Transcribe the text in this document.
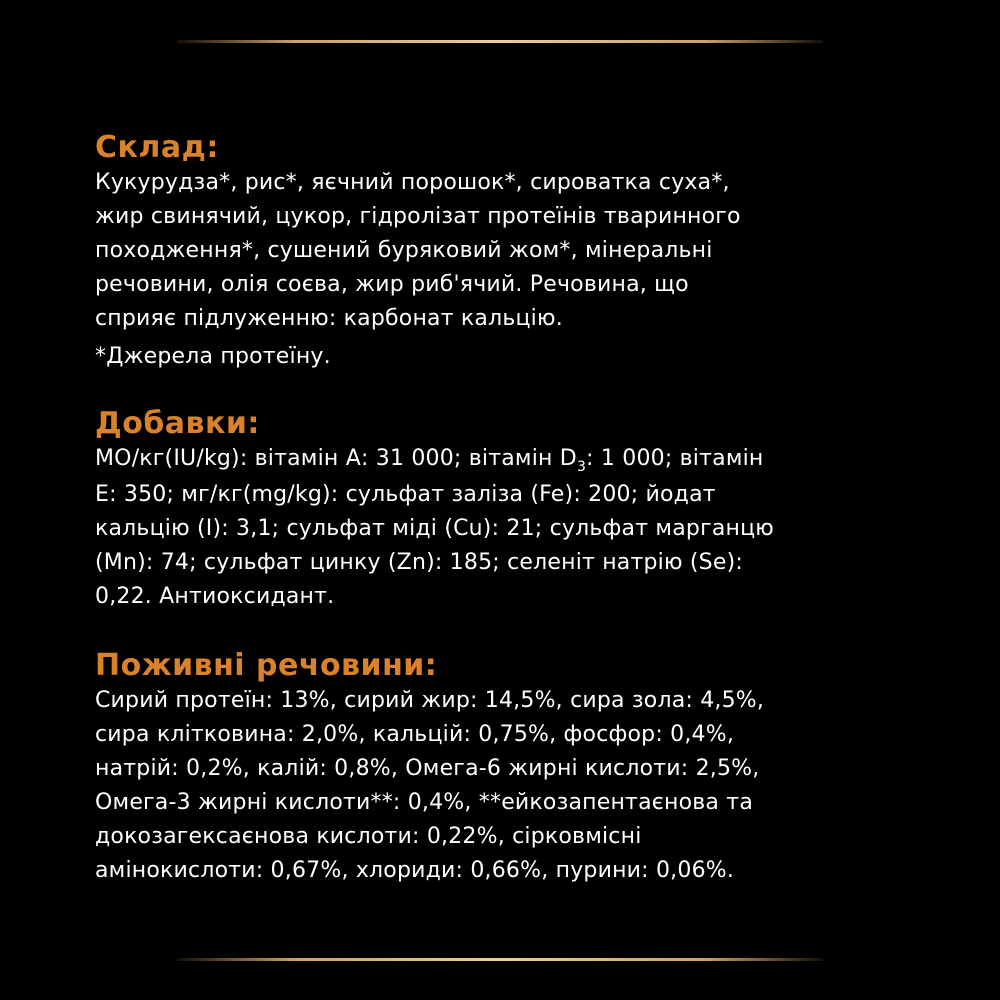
Склад:
Кукурудза*, рис*, яєчний порошок*, сироватка суха*,
жир свинячий, цукор, гідролізат протеїнів тваринного
походження*, сушений буряковий жом*, мінеральні
речовини, олія соєва, жир риб'ячий. Речовина, що
сприяє підлуженню: карбонат кальцію.
*Джерела протеїну.
Добавки:
МО/кг(IU/kg): вітамін А: 31 000; вітамін $D_3$: 1 000; вітамін
Е: 350; мг/кг(mg/kg): сульфат заліза (Fe): 200; йодат
кальцію (І): 3,1; сульфат міді (Cu): 21; сульфат марганцю
(Mn): 74; сульфат цинку (Zn): 185; селеніт натрію (Se):
0,22. Антиоксидант.
Поживні речовини:
Сирий протеїн: 13%, сирий жир: 14,5%, сира зола: 4,5%,
сира клітковина: 2,0%, кальцій: 0,75%, фосфор: 0,4%,
натрій: 0,2%, калій: 0,8%, Омега-6 жирні кислоти: 2,5%,
Омега-3 жирні кислоти**: 0,4%, **ейкозапентаєнова та
докозагексаєнова кислоти: 0,22%, сірковмісні
амінокислоти: 0,67%, хлориди: 0,66%, пурини: 0,06%.
